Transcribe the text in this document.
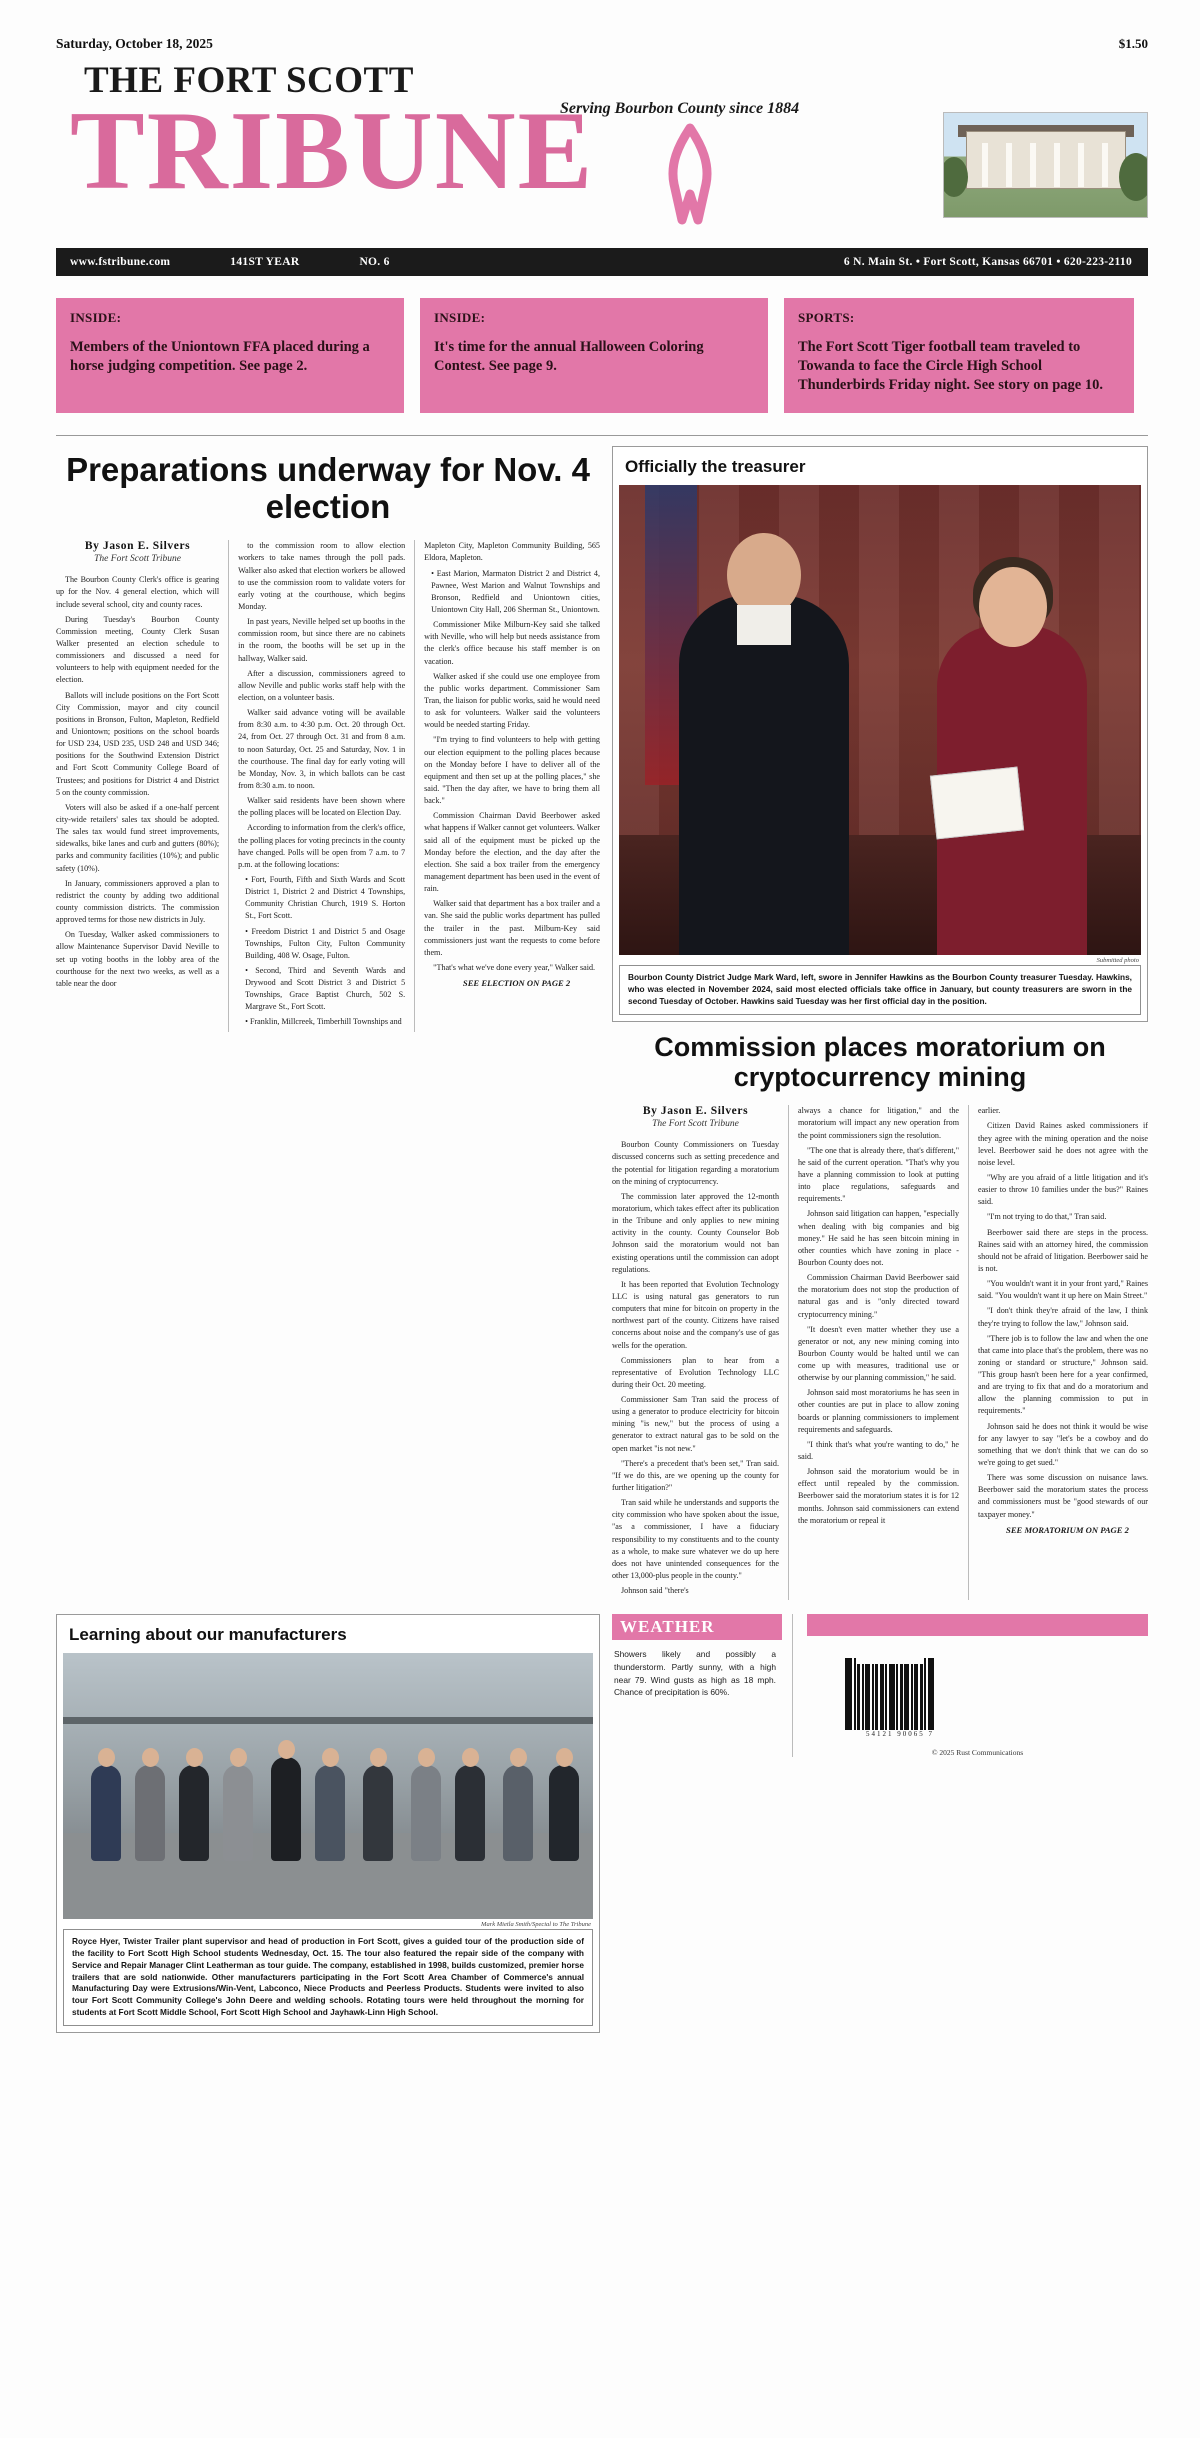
Saturday, October 18, 2025	$1.50
THE FORT SCOTT
TRIBUNE
Serving Bourbon County since 1884
www.fstribune.com	141ST YEAR	NO. 6	6 N. Main St. • Fort Scott, Kansas 66701 • 620-223-2110
INSIDE:
Members of the Uniontown FFA placed during a horse judging competition. See page 2.
INSIDE:
It's time for the annual Halloween Coloring Contest. See page 9.
SPORTS:
The Fort Scott Tiger football team traveled to Towanda to face the Circle High School Thunderbirds Friday night. See story on page 10.
Preparations underway for Nov. 4 election
By Jason E. Silvers
The Fort Scott Tribune

The Bourbon County Clerk's office is gearing up for the Nov. 4 general election, which will include several school, city and county races.

During Tuesday's Bourbon County Commission meeting, County Clerk Susan Walker presented an election schedule to commissioners and discussed a need for volunteers to help with equipment needed for the election.

Ballots will include positions on the Fort Scott City Commission, mayor and city council positions in Bronson, Fulton, Mapleton, Redfield and Uniontown; positions on the school boards for USD 234, USD 235, USD 248 and USD 346; positions for the Southwind Extension District and Fort Scott Community College Board of Trustees; and positions for District 4 and District 5 on the county commission.

Voters will also be asked if a one-half percent city-wide retailers' sales tax should be adopted. The sales tax would fund street improvements, sidewalks, bike lanes and curb and gutters (80%); parks and community facilities (10%); and public safety (10%).

In January, commissioners approved a plan to redistrict the county by adding two additional county commission districts. The commission approved terms for those new districts in July.

On Tuesday, Walker asked commissioners to allow Maintenance Supervisor David Neville to set up voting booths in the lobby area of the courthouse for the next two weeks, as well as a table near the door

to the commission room to allow election workers to take names through the poll pads. Walker also asked that election workers be allowed to use the commission room to validate voters for early voting at the courthouse, which begins Monday.

In past years, Neville helped set up booths in the commission room, but since there are no cabinets in the room, the booths will be set up in the hallway, Walker said.

After a discussion, commissioners agreed to allow Neville and public works staff help with the election, on a volunteer basis.

Walker said advance voting will be available from 8:30 a.m. to 4:30 p.m. Oct. 20 through Oct. 24, from Oct. 27 through Oct. 31 and from 8 a.m. to noon Saturday, Oct. 25 and Saturday, Nov. 1 in the courthouse. The final day for early voting will be Monday, Nov. 3, in which ballots can be cast from 8:30 a.m. to noon.

Walker said residents have been shown where the polling places will be located on Election Day.

According to information from the clerk's office, the polling places for voting precincts in the county have changed. Polls will be open from 7 a.m. to 7 p.m. at the following locations:

• Fort, Fourth, Fifth and Sixth Wards and Scott District 1, District 2 and District 4 Townships, Community Christian Church, 1919 S. Horton St., Fort Scott.

• Freedom District 1 and District 5 and Osage Townships, Fulton City, Fulton Community Building, 408 W. Osage, Fulton.

• Second, Third and Seventh Wards and Drywood and Scott District 3 and District 5 Townships, Grace Baptist Church, 502 S. Margrave St., Fort Scott.

• Franklin, Millcreek, Timberhill Townships and

Mapleton City, Mapleton Community Building, 565 Eldora, Mapleton.

• East Marion, Marmaton District 2 and District 4, Pawnee, West Marion and Walnut Townships and Bronson, Redfield and Uniontown cities, Uniontown City Hall, 206 Sherman St., Uniontown.

Commissioner Mike Milburn-Key said she talked with Neville, who will help but needs assistance from the clerk's office because his staff member is on vacation.

Walker asked if she could use one employee from the public works department. Commissioner Sam Tran, the liaison for public works, said he would need to ask for volunteers. Walker said the volunteers would be needed starting Friday.

"I'm trying to find volunteers to help with getting our election equipment to the polling places because on the Monday before I have to deliver all of the equipment and then set up at the polling places," she said. "Then the day after, we have to bring them all back."

Commission Chairman David Beerbower asked what happens if Walker cannot get volunteers. Walker said all of the equipment must be picked up the Monday before the election, and the day after the election. She said a box trailer from the emergency management department has been used in the event of rain.

Walker said that department has a box trailer and a van. She said the public works department has pulled the trailer in the past. Milburn-Key said commissioners just want the requests to come before them.

"That's what we've done every year," Walker said.

SEE ELECTION ON PAGE 2

Officially the treasurer
Submitted photo
Bourbon County District Judge Mark Ward, left, swore in Jennifer Hawkins as the Bourbon County treasurer Tuesday. Hawkins, who was elected in November 2024, said most elected officials take office in January, but county treasurers are sworn in the second Tuesday of October. Hawkins said Tuesday was her first official day in the position.
Commission places moratorium on cryptocurrency mining
By Jason E. Silvers
The Fort Scott Tribune

Bourbon County Commissioners on Tuesday discussed concerns such as setting precedence and the potential for litigation regarding a moratorium on the mining of cryptocurrency.

The commission later approved the 12-month moratorium, which takes effect after its publication in the Tribune and only applies to new mining activity in the county. County Counselor Bob Johnson said the moratorium would not ban existing operations until the commission can adopt regulations.

It has been reported that Evolution Technology LLC is using natural gas generators to run computers that mine for bitcoin on property in the northwest part of the county. Citizens have raised concerns about noise and the company's use of gas wells for the operation.

Commissioners plan to hear from a representative of Evolution Technology LLC during their Oct. 20 meeting.

Commissioner Sam Tran said the process of using a generator to produce electricity for bitcoin mining "is new," but the process of using a generator to extract natural gas to be sold on the open market "is not new."

"There's a precedent that's been set," Tran said. "If we do this, are we opening up the county for further litigation?"

Tran said while he understands and supports the city commission who have spoken about the issue, "as a commissioner, I have a fiduciary responsibility to my constituents and to the county as a whole, to make sure whatever we do up here does not have unintended consequences for the other 13,000-plus people in the county."

Johnson said "there's

always a chance for litigation," and the moratorium will impact any new operation from the point commissioners sign the resolution.

"The one that is already there, that's different," he said of the current operation. "That's why you have a planning commission to look at putting into place regulations, safeguards and requirements."

Johnson said litigation can happen, "especially when dealing with big companies and big money." He said he has seen bitcoin mining in other counties which have zoning in place - Bourbon County does not.

Commission Chairman David Beerbower said the moratorium does not stop the production of natural gas and is "only directed toward cryptocurrency mining."

"It doesn't even matter whether they use a generator or not, any new mining coming into Bourbon County would be halted until we can come up with measures, traditional use or otherwise by our planning commission," he said.

Johnson said most moratoriums he has seen in other counties are put in place to allow zoning boards or planning commissioners to implement requirements and safeguards.

"I think that's what you're wanting to do," he said.

Johnson said the moratorium would be in effect until repealed by the commission. Beerbower said the moratorium states it is for 12 months. Johnson said commissioners can extend the moratorium or repeal it

earlier.

Citizen David Raines asked commissioners if they agree with the mining operation and the noise level. Beerbower said he does not agree with the noise level.

"Why are you afraid of a little litigation and it's easier to throw 10 families under the bus?" Raines said.

"I'm not trying to do that," Tran said.

Beerbower said there are steps in the process. Raines said with an attorney hired, the commission should not be afraid of litigation. Beerbower said he is not.

"You wouldn't want it in your front yard," Raines said. "You wouldn't want it up here on Main Street."

"I don't think they're afraid of the law, I think they're trying to follow the law," Johnson said.

"There job is to follow the law and when the one that came into place that's the problem, there was no zoning or standard or structure," Johnson said. "This group hasn't been here for a year confirmed, and are trying to fix that and do a moratorium and allow the planning commission to put in requirements."

Johnson said he does not think it would be wise for any lawyer to say "let's be a cowboy and do something that we don't think that we can do so we're going to get sued."

There was some discussion on nuisance laws. Beerbower said the moratorium states the process and commissioners must be "good stewards of our taxpayer money."

SEE MORATORIUM ON PAGE 2

Learning about our manufacturers
Mark Mietla Smith/Special to The Tribune
Royce Hyer, Twister Trailer plant supervisor and head of production in Fort Scott, gives a guided tour of the production side of the facility to Fort Scott High School students Wednesday, Oct. 15. The tour also featured the repair side of the company with Service and Repair Manager Clint Leatherman as tour guide. The company, established in 1998, builds customized, premier horse trailers that are sold nationwide. Other manufacturers participating in the Fort Scott Area Chamber of Commerce's annual Manufacturing Day were Extrusions/Win-Vent, Labconco, Niece Products and Peerless Products. Students were invited to also tour Fort Scott Community College's John Deere and welding schools. Rotating tours were held throughout the morning for students at Fort Scott Middle School, Fort Scott High School and Jayhawk-Linn High School.
WEATHER
Showers likely and possibly a thunderstorm. Partly sunny, with a high near 79. Wind gusts as high as 18 mph. Chance of precipitation is 60%.
54121 90065 7
© 2025 Rust Communications
